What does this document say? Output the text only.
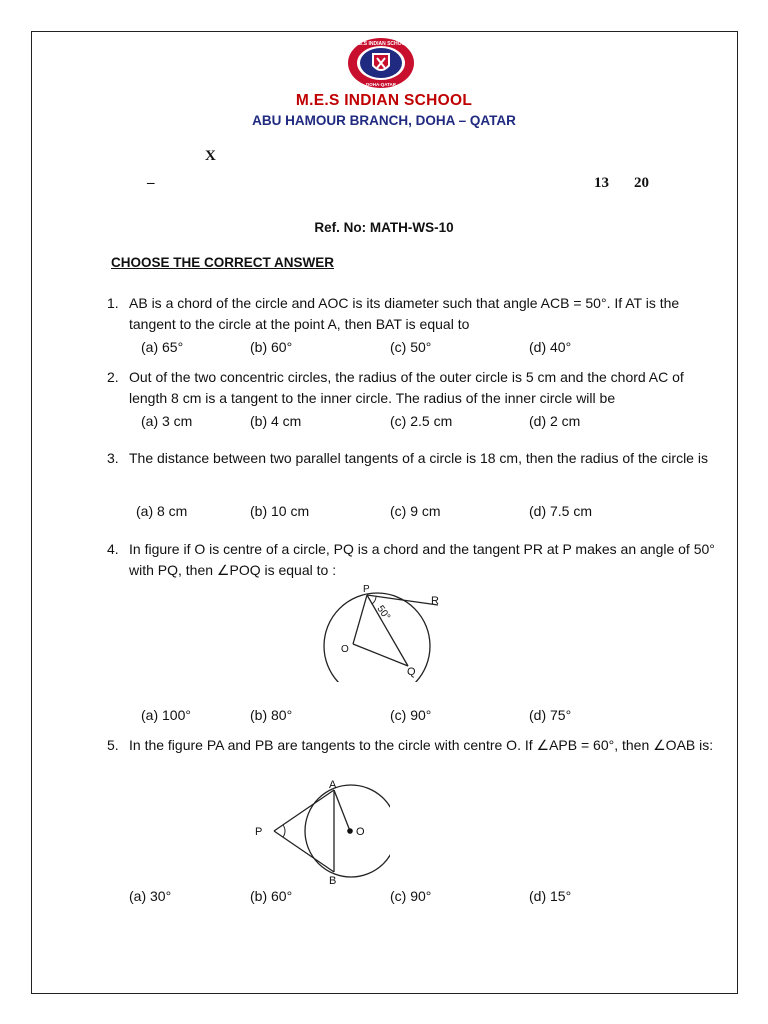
M.E.S INDIAN SCHOOL
DOHA-QATAR
M.E.S INDIAN SCHOOL
ABU HAMOUR BRANCH, DOHA – QATAR
X
–	13 20
Ref. No: MATH-WS-10
CHOOSE THE CORRECT ANSWER
1. AB is a chord of the circle and AOC is its diameter such that angle ACB = 50°. If AT is the tangent to the circle at the point A, then BAT is equal to
(a) 65°	(b) 60°	(c) 50°	(d) 40°
2. Out of the two concentric circles, the radius of the outer circle is 5 cm and the chord AC of length 8 cm is a tangent to the inner circle. The radius of the inner circle will be
(a) 3 cm	(b) 4 cm	(c) 2.5 cm	(d) 2 cm
3. The distance between two parallel tangents of a circle is 18 cm, then the radius of the circle is
(a) 8 cm	(b) 10 cm	(c) 9 cm	(d) 7.5 cm
4. In figure if O is centre of a circle, PQ is a chord and the tangent PR at P makes an angle of 50° with PQ, then ∠POQ is equal to :
P
R
O
Q
50°
(a) 100°	(b) 80°	(c) 90°	(d) 75°
5. In the figure PA and PB are tangents to the circle with centre O. If ∠APB = 60°, then ∠OAB is:
A
B
P	O
(a) 30°	(b) 60°	(c) 90°	(d) 15°
